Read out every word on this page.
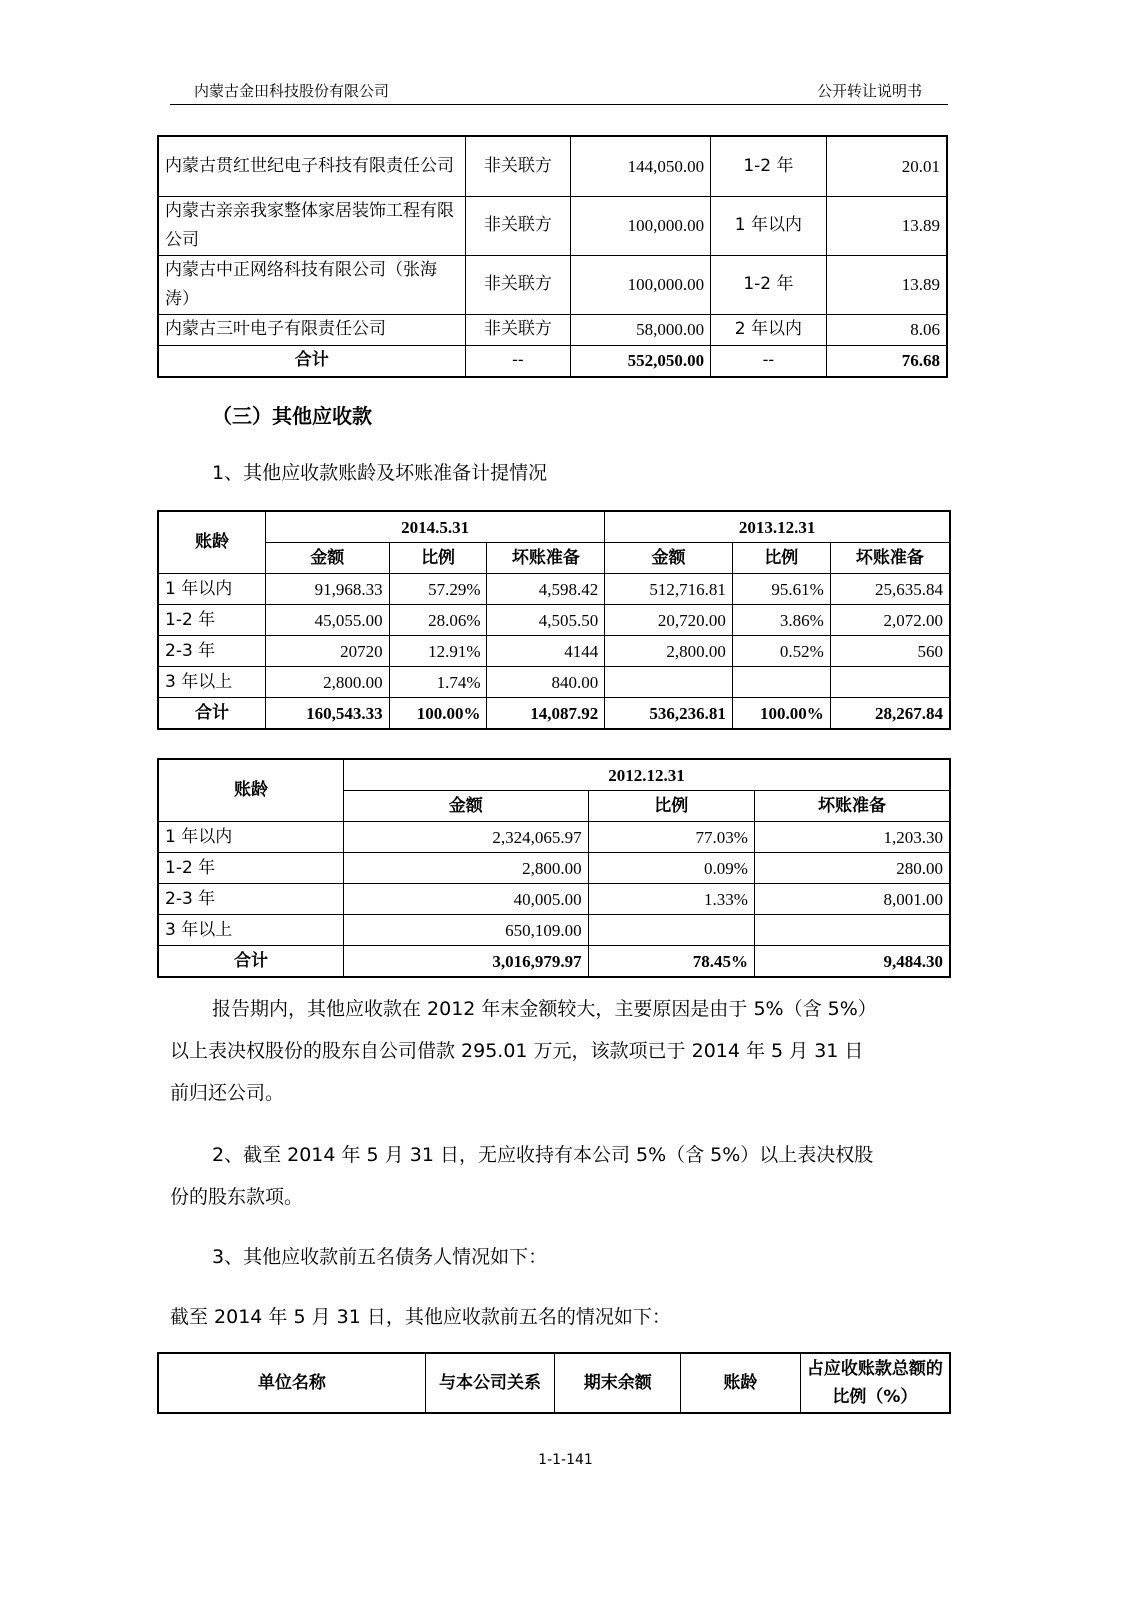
内蒙古金田科技股份有限公司	公开转让说明书
内蒙古贯红世纪电子科技有限责任公司	非关联方	144,050.00	1-2 年	20.01
内蒙古亲亲我家整体家居装饰工程有限公司	非关联方	100,000.00	1 年以内	13.89
内蒙古中正网络科技有限公司（张海涛）	非关联方	100,000.00	1-2 年	13.89
内蒙古三叶电子有限责任公司	非关联方	58,000.00	2 年以内	8.06
合计	--	552,050.00	--	76.68
（三）其他应收款
1、其他应收款账龄及坏账准备计提情况
账龄	2014.5.31			2013.12.31		
	金额	比例	坏账准备	金额	比例	坏账准备
1 年以内	91,968.33	57.29%	4,598.42	512,716.81	95.61%	25,635.84
1-2 年	45,055.00	28.06%	4,505.50	20,720.00	3.86%	2,072.00
2-3 年	20720	12.91%	4144	2,800.00	0.52%	560
3 年以上	2,800.00	1.74%	840.00			
合计	160,543.33	100.00%	14,087.92	536,236.81	100.00%	28,267.84
账龄	2012.12.31		
	金额	比例	坏账准备
1 年以内	2,324,065.97	77.03%	1,203.30
1-2 年	2,800.00	0.09%	280.00
2-3 年	40,005.00	1.33%	8,001.00
3 年以上	650,109.00		
合计	3,016,979.97	78.45%	9,484.30
报告期内，其他应收款在 2012 年末金额较大，主要原因是由于 5%（含 5%）
以上表决权股份的股东自公司借款 295.01 万元，该款项已于 2014 年 5 月 31 日
前归还公司。
2、截至 2014 年 5 月 31 日，无应收持有本公司 5%（含 5%）以上表决权股
份的股东款项。
3、其他应收款前五名债务人情况如下：
截至 2014 年 5 月 31 日，其他应收款前五名的情况如下：
单位名称	与本公司关系	期末余额	账龄	占应收账款总额的比例（%）
1-1-141
